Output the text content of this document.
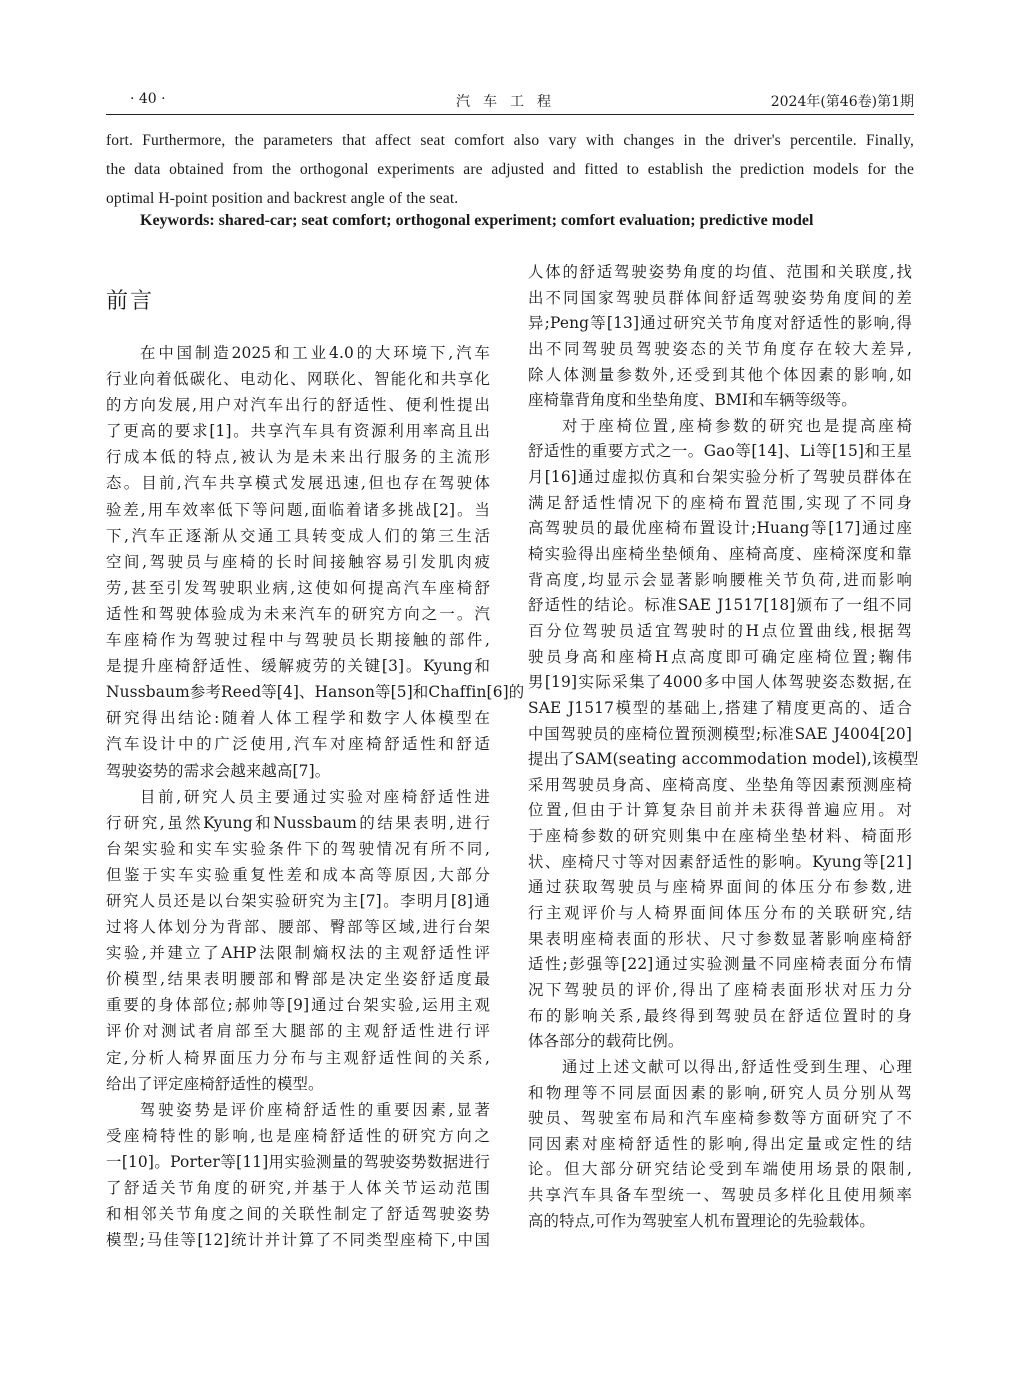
· 40 ·	汽车工程	2024年(第46卷)第1期
fort. Furthermore, the parameters that affect seat comfort also vary with changes in the driver's percentile. Finally,
the data obtained from the orthogonal experiments are adjusted and fitted to establish the prediction models for the
optimal H-point position and backrest angle of the seat.
Keywords: shared-car; seat comfort; orthogonal experiment; comfort evaluation; predictive model
前言
在中国制造2025和工业4.0的大环境下,汽车
行业向着低碳化、电动化、网联化、智能化和共享化
的方向发展,用户对汽车出行的舒适性、便利性提出
了更高的要求[1]。共享汽车具有资源利用率高且出
行成本低的特点,被认为是未来出行服务的主流形
态。目前,汽车共享模式发展迅速,但也存在驾驶体
验差,用车效率低下等问题,面临着诸多挑战[2]。当
下,汽车正逐渐从交通工具转变成人们的第三生活
空间,驾驶员与座椅的长时间接触容易引发肌肉疲
劳,甚至引发驾驶职业病,这使如何提高汽车座椅舒
适性和驾驶体验成为未来汽车的研究方向之一。汽
车座椅作为驾驶过程中与驾驶员长期接触的部件,
是提升座椅舒适性、缓解疲劳的关键[3]。Kyung和
Nussbaum参考Reed等[4]、Hanson等[5]和Chaffin[6]的
研究得出结论:随着人体工程学和数字人体模型在
汽车设计中的广泛使用,汽车对座椅舒适性和舒适
驾驶姿势的需求会越来越高[7]。
目前,研究人员主要通过实验对座椅舒适性进
行研究,虽然Kyung和Nussbaum的结果表明,进行
台架实验和实车实验条件下的驾驶情况有所不同,
但鉴于实车实验重复性差和成本高等原因,大部分
研究人员还是以台架实验研究为主[7]。李明月[8]通
过将人体划分为背部、腰部、臀部等区域,进行台架
实验,并建立了AHP法限制熵权法的主观舒适性评
价模型,结果表明腰部和臀部是决定坐姿舒适度最
重要的身体部位;郝帅等[9]通过台架实验,运用主观
评价对测试者肩部至大腿部的主观舒适性进行评
定,分析人椅界面压力分布与主观舒适性间的关系,
给出了评定座椅舒适性的模型。
驾驶姿势是评价座椅舒适性的重要因素,显著
受座椅特性的影响,也是座椅舒适性的研究方向之
一[10]。Porter等[11]用实验测量的驾驶姿势数据进行
了舒适关节角度的研究,并基于人体关节运动范围
和相邻关节角度之间的关联性制定了舒适驾驶姿势
模型;马佳等[12]统计并计算了不同类型座椅下,中国
人体的舒适驾驶姿势角度的均值、范围和关联度,找
出不同国家驾驶员群体间舒适驾驶姿势角度间的差
异;Peng等[13]通过研究关节角度对舒适性的影响,得
出不同驾驶员驾驶姿态的关节角度存在较大差异,
除人体测量参数外,还受到其他个体因素的影响,如
座椅靠背角度和坐垫角度、BMI和车辆等级等。
对于座椅位置,座椅参数的研究也是提高座椅
舒适性的重要方式之一。Gao等[14]、Li等[15]和王星
月[16]通过虚拟仿真和台架实验分析了驾驶员群体在
满足舒适性情况下的座椅布置范围,实现了不同身
高驾驶员的最优座椅布置设计;Huang等[17]通过座
椅实验得出座椅坐垫倾角、座椅高度、座椅深度和靠
背高度,均显示会显著影响腰椎关节负荷,进而影响
舒适性的结论。标准SAE J1517[18]颁布了一组不同
百分位驾驶员适宜驾驶时的H点位置曲线,根据驾
驶员身高和座椅H点高度即可确定座椅位置;鞠伟
男[19]实际采集了4000多中国人体驾驶姿态数据,在
SAE J1517模型的基础上,搭建了精度更高的、适合
中国驾驶员的座椅位置预测模型;标准SAE J4004[20]
提出了SAM(seating accommodation model),该模型
采用驾驶员身高、座椅高度、坐垫角等因素预测座椅
位置,但由于计算复杂目前并未获得普遍应用。对
于座椅参数的研究则集中在座椅坐垫材料、椅面形
状、座椅尺寸等对因素舒适性的影响。Kyung等[21]
通过获取驾驶员与座椅界面间的体压分布参数,进
行主观评价与人椅界面间体压分布的关联研究,结
果表明座椅表面的形状、尺寸参数显著影响座椅舒
适性;彭强等[22]通过实验测量不同座椅表面分布情
况下驾驶员的评价,得出了座椅表面形状对压力分
布的影响关系,最终得到驾驶员在舒适位置时的身
体各部分的载荷比例。
通过上述文献可以得出,舒适性受到生理、心理
和物理等不同层面因素的影响,研究人员分别从驾
驶员、驾驶室布局和汽车座椅参数等方面研究了不
同因素对座椅舒适性的影响,得出定量或定性的结
论。但大部分研究结论受到车端使用场景的限制,
共享汽车具备车型统一、驾驶员多样化且使用频率
高的特点,可作为驾驶室人机布置理论的先验载体。
